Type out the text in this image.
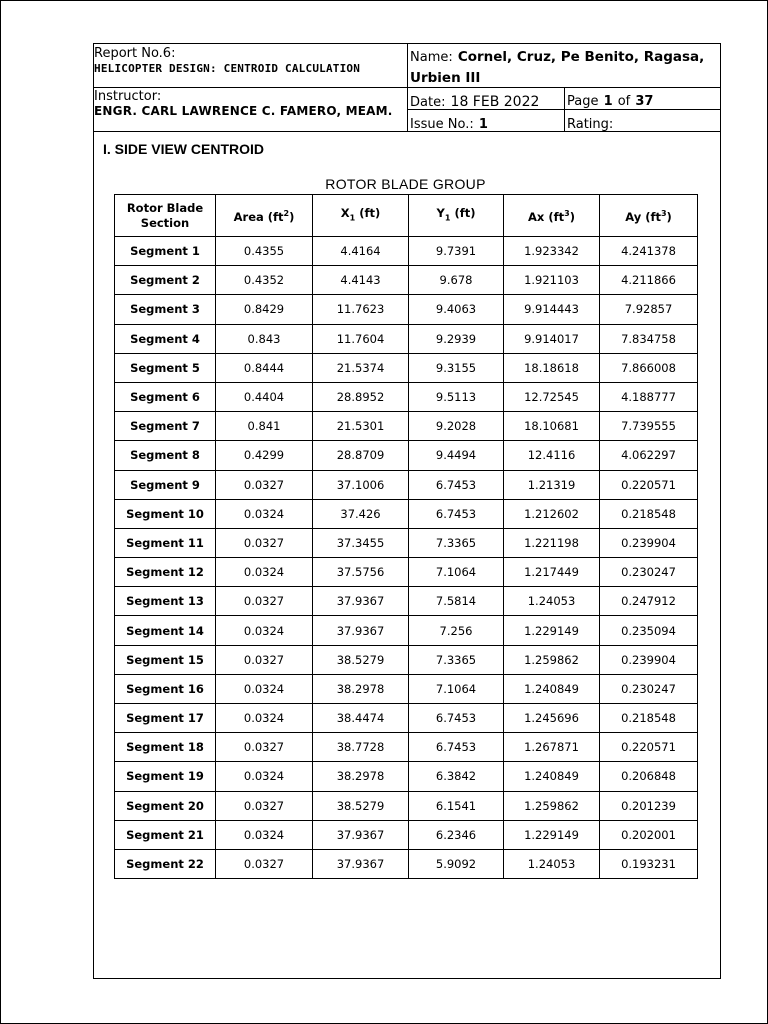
Report No.6:
HELICOPTER DESIGN: CENTROID CALCULATION
Name: Cornel, Cruz, Pe Benito, Ragasa,
Urbien III
Instructor:
ENGR. CARL LAWRENCE C. FAMERO, MEAM.
Date: 18 FEB 2022 Page 1 of 37
Issue No.: 1	Rating:
I. SIDE VIEW CENTROID
ROTOR BLADE GROUP
Rotor Blade Section	Area $(ft^2)$	$X_1$ (ft)	$Y_1$ (ft)	Ax $(ft^3)$	Ay $(ft^3)$
Segment 1	0.4355	4.4164	9.7391	1.923342	4.241378
Segment 2	0.4352	4.4143	9.678	1.921103	4.211866
Segment 3	0.8429	11.7623	9.4063	9.914443	7.92857
Segment 4	0.843	11.7604	9.2939	9.914017	7.834758
Segment 5	0.8444	21.5374	9.3155	18.18618	7.866008
Segment 6	0.4404	28.8952	9.5113	12.72545	4.188777
Segment 7	0.841	21.5301	9.2028	18.10681	7.739555
Segment 8	0.4299	28.8709	9.4494	12.4116	4.062297
Segment 9	0.0327	37.1006	6.7453	1.21319	0.220571
Segment 10	0.0324	37.426	6.7453	1.212602	0.218548
Segment 11	0.0327	37.3455	7.3365	1.221198	0.239904
Segment 12	0.0324	37.5756	7.1064	1.217449	0.230247
Segment 13	0.0327	37.9367	7.5814	1.24053	0.247912
Segment 14	0.0324	37.9367	7.256	1.229149	0.235094
Segment 15	0.0327	38.5279	7.3365	1.259862	0.239904
Segment 16	0.0324	38.2978	7.1064	1.240849	0.230247
Segment 17	0.0324	38.4474	6.7453	1.245696	0.218548
Segment 18	0.0327	38.7728	6.7453	1.267871	0.220571
Segment 19	0.0324	38.2978	6.3842	1.240849	0.206848
Segment 20	0.0327	38.5279	6.1541	1.259862	0.201239
Segment 21	0.0324	37.9367	6.2346	1.229149	0.202001
Segment 22	0.0327	37.9367	5.9092	1.24053	0.193231
